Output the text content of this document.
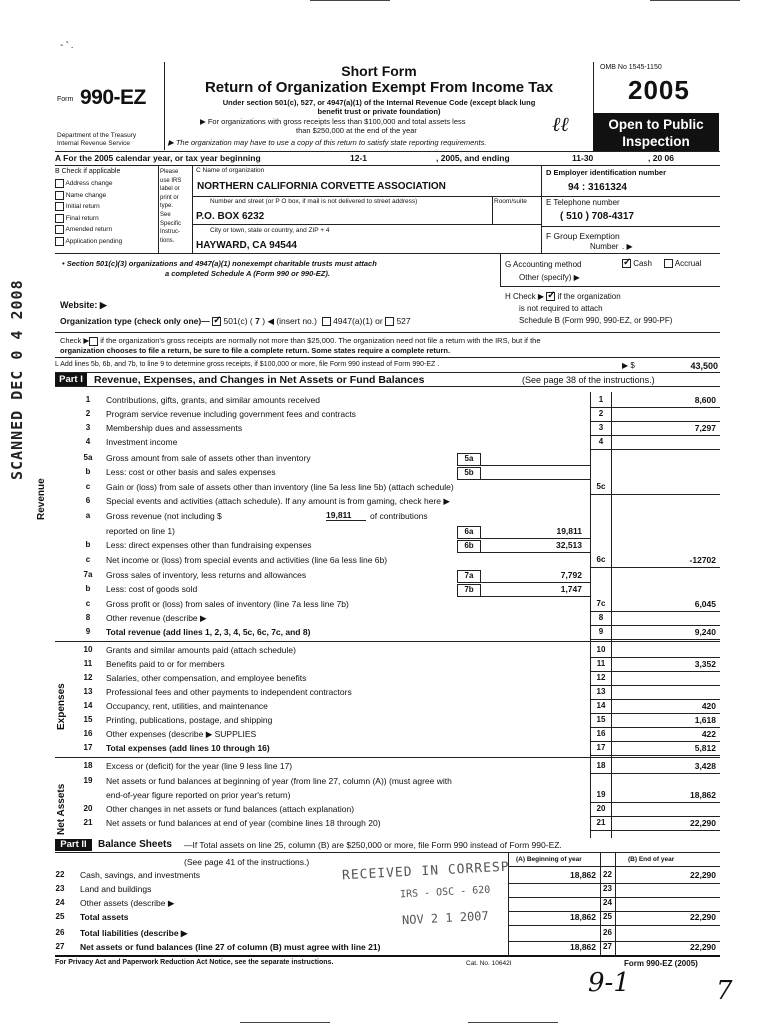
- ' .
Form 990-EZ
Department of the Treasury
Internal Revenue Service
Short Form
Return of Organization Exempt From Income Tax
Under section 501(c), 527, or 4947(a)(1) of the Internal Revenue Code (except black lung
benefit trust or private foundation)
▶ For organizations with gross receipts less than $100,000 and total assets less
than $250,000 at the end of the year	ℓℓ
▶ The organization may have to use a copy of this return to satisfy state reporting requirements.
OMB No 1545-1150
2005
Open to Public
Inspection
A For the 2005 calendar year, or tax year beginning	12-1	, 2005, and ending	11-30	, 20 06
B Check if applicable
Address change
Name change
Initial return
Final return
Amended return
Application pending
Please
use IRS
label or
print or
type.
See
Specific
Instruc-
tions.
C Name of organization
NORTHERN CALIFORNIA CORVETTE ASSOCIATION
Number and street (or P O box, if mail is not delivered to street address)	Room/suite
P.O. BOX 6232
City or town, state or country, and ZIP + 4
HAYWARD, CA 94544
D Employer identification number
94 : 3161324
E Telephone number
( 510 ) 708-4317
F Group Exemption
Number . ▶
• Section 501(c)(3) organizations and 4947(a)(1) nonexempt charitable trusts must attach
a completed Schedule A (Form 990 or 990-EZ).
G Accounting method ✓	Cash	Accrual
Other (specify) ▶
H Check ▶ ✓ if the organization
is not required to attach
Schedule B (Form 990, 990-EZ, or 990-PF)
Website: ▶
Organization type (check only one)— ✓ 501(c) ( 7 ) ◀ (insert no.) 4947(a)(1) or 527
Check ▶ if the organization's gross receipts are normally not more than $25,000. The organization need not file a return with the IRS, but if the
organization chooses to file a return, be sure to file a complete return. Some states require a complete return.
L Add lines 5b, 6b, and 7b, to line 9 to determine gross receipts, if $100,000 or more, file Form 990 instead of Form 990-EZ .	▶ $	43,500
Part I	Revenue, Expenses, and Changes in Net Assets or Fund Balances	(See page 38 of the instructions.)
Revenue
Expenses
Net Assets
1	Contributions, gifts, grants, and similar amounts received	1	8,600
2	Program service revenue including government fees and contracts	2
3	Membership dues and assessments	3	7,297
4	Investment income	4
5a	Gross amount from sale of assets other than inventory	5a
b	Less: cost or other basis and sales expenses	5b
c	Gain or (loss) from sale of assets other than inventory (line 5a less line 5b) (attach schedule)	5c
6	Special events and activities (attach schedule). If any amount is from gaming, check here ▶
a	Gross revenue (not including $	19,811	of contributions
reported on line 1)	6a	19,811
b	Less: direct expenses other than fundraising expenses	6b	32,513
c	Net income or (loss) from special events and activities (line 6a less line 6b)	6c	-12702
7a	Gross sales of inventory, less returns and allowances	7a	7,792
b	Less: cost of goods sold	7b	1,747
c	Gross profit or (loss) from sales of inventory (line 7a less line 7b)	7c	6,045
8	Other revenue (describe ▶	8
9	Total revenue (add lines 1, 2, 3, 4, 5c, 6c, 7c, and 8)	9	9,240
10	Grants and similar amounts paid (attach schedule)	10
11	Benefits paid to or for members	11	3,352
12	Salaries, other compensation, and employee benefits	12
13	Professional fees and other payments to independent contractors	13
14	Occupancy, rent, utilities, and maintenance	14	420
15	Printing, publications, postage, and shipping	15	1,618
16	Other expenses (describe ▶ SUPPLIES	16	422
17	Total expenses (add lines 10 through 16)	17	5,812
18	Excess or (deficit) for the year (line 9 less line 17)	18	3,428
19	Net assets or fund balances at beginning of year (from line 27, column (A)) (must agree with
end-of-year figure reported on prior year's return)	19	18,862
20	Other changes in net assets or fund balances (attach explanation)	20
21	Net assets or fund balances at end of year (combine lines 18 through 20)	21	22,290
Part II	Balance Sheets —If Total assets on line 25, column (B) are $250,000 or more, file Form 990 instead of Form 990-EZ.
(See page 41 of the instructions.)	(A) Beginning of year	(B) End of year
22	Cash, savings, and investments	18,862 22	22,290
23	Land and buildings	23
24	Other assets (describe ▶	24
25	Total assets	18,862 25	22,290
26	Total liabilities (describe ▶	26
27	Net assets or fund balances (line 27 of column (B) must agree with line 21)	18,862 27	22,290
For Privacy Act and Paperwork Reduction Act Notice, see the separate instructions.	Cat. No. 10642I	Form 990-EZ (2005)
RECEIVED IN CORRESP
IRS - OSC - 620
NOV 2 1 2007
SCANNED DEC 0 4 2008
9-1	7
